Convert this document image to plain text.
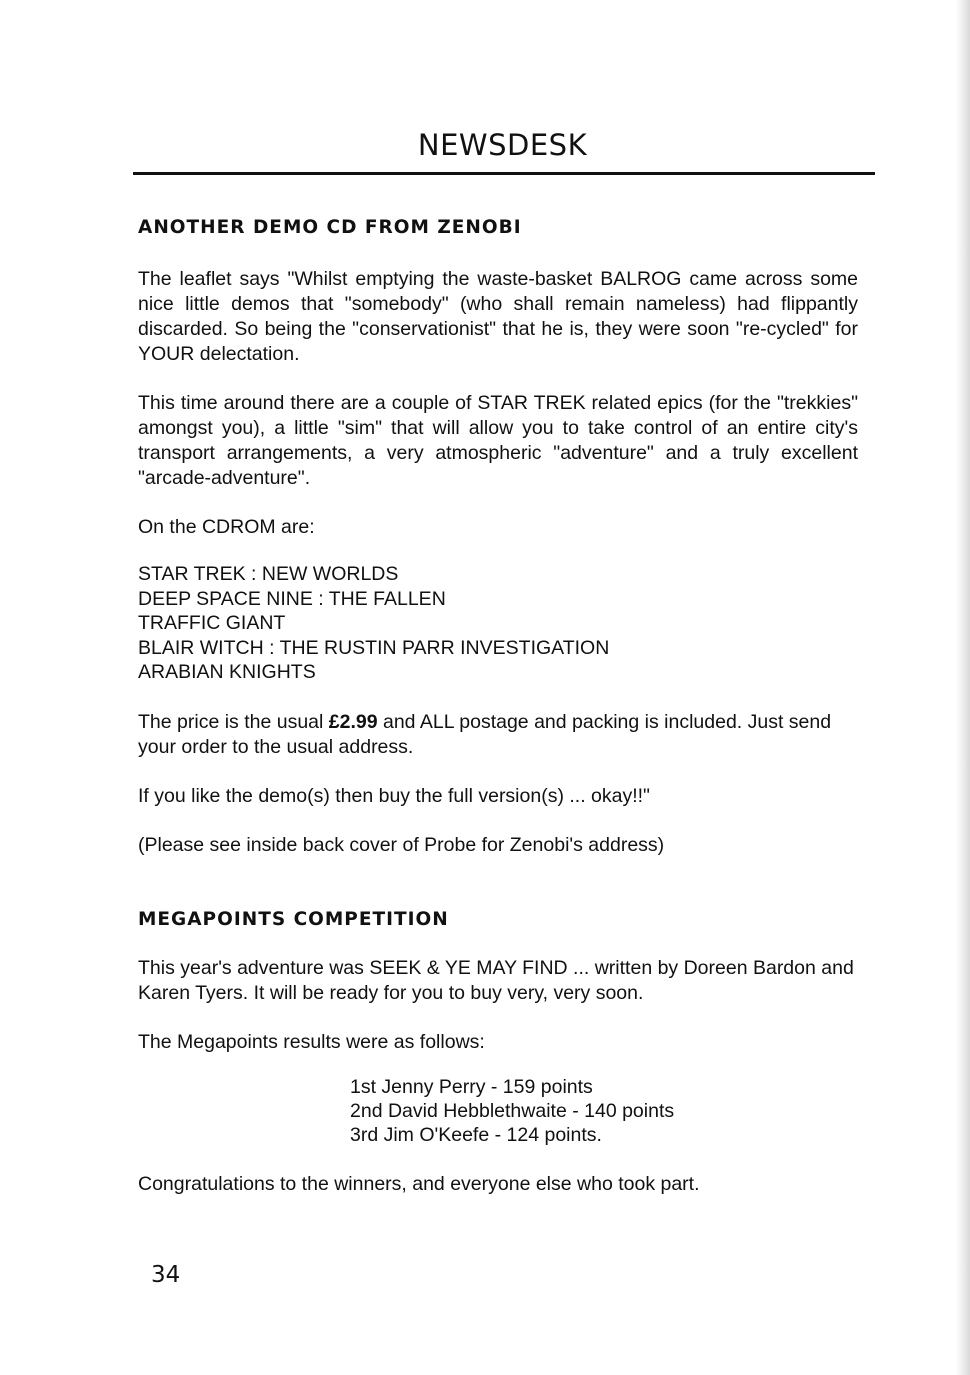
NEWSDESK
ANOTHER DEMO CD FROM ZENOBI

The leaflet says "Whilst emptying the waste-basket BALROG came across some nice little demos that "somebody" (who shall remain nameless) had flippantly discarded. So being the "conservationist" that he is, they were soon "re-cycled" for YOUR delectation.

This time around there are a couple of STAR TREK related epics (for the "trekkies" amongst you), a little "sim" that will allow you to take control of an entire city's transport arrangements, a very atmospheric "adventure" and a truly excellent "arcade-adventure".

On the CDROM are:

STAR TREK : NEW WORLDS
DEEP SPACE NINE : THE FALLEN
TRAFFIC GIANT
BLAIR WITCH : THE RUSTIN PARR INVESTIGATION
ARABIAN KNIGHTS

The price is the usual £2.99 and ALL postage and packing is included. Just send your order to the usual address.

If you like the demo(s) then buy the full version(s) ... okay!!"

(Please see inside back cover of Probe for Zenobi's address)

MEGAPOINTS COMPETITION

This year's adventure was SEEK & YE MAY FIND ... written by Doreen Bardon and Karen Tyers. It will be ready for you to buy very, very soon.

The Megapoints results were as follows:

1st Jenny Perry - 159 points
2nd David Hebblethwaite - 140 points
3rd Jim O'Keefe - 124 points.

Congratulations to the winners, and everyone else who took part.

34
